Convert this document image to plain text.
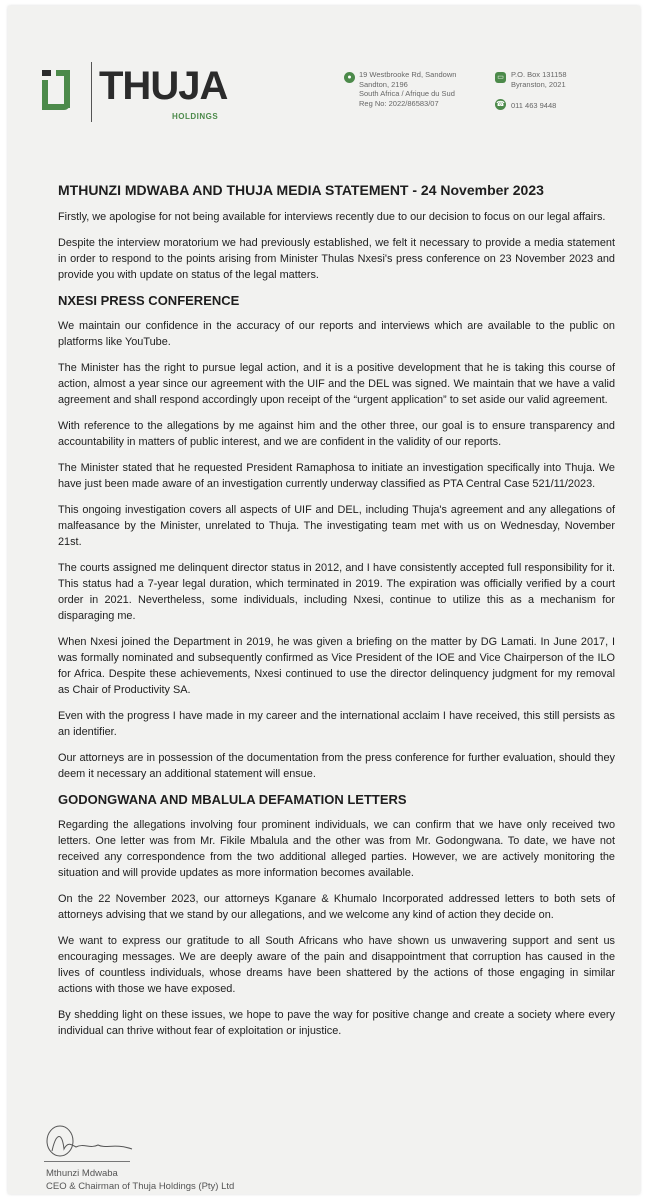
THUJA
HOLDINGS
● 19 Westbrooke Rd, Sandown
Sandton, 2196
South Africa / Afrique du Sud
Reg No: 2022/86583/07
▭ P.O. Box 131158
Byranston, 2021
☎ 011 463 9448
MTHUNZI MDWABA AND THUJA MEDIA STATEMENT - 24 November 2023

Firstly, we apologise for not being available for interviews recently due to our decision to focus on our legal affairs.

Despite the interview moratorium we had previously established, we felt it necessary to provide a media statement in order to respond to the points arising from Minister Thulas Nxesi's press conference on 23 November 2023 and provide you with update on status of the legal matters.

NXESI PRESS CONFERENCE

We maintain our confidence in the accuracy of our reports and interviews which are available to the public on platforms like YouTube.

The Minister has the right to pursue legal action, and it is a positive development that he is taking this course of action, almost a year since our agreement with the UIF and the DEL was signed. We maintain that we have a valid agreement and shall respond accordingly upon receipt of the “urgent application” to set aside our valid agreement.

With reference to the allegations by me against him and the other three, our goal is to ensure transparency and accountability in matters of public interest, and we are confident in the validity of our reports.

The Minister stated that he requested President Ramaphosa to initiate an investigation specifically into Thuja. We have just been made aware of an investigation currently underway classified as PTA Central Case 521/11/2023.

This ongoing investigation covers all aspects of UIF and DEL, including Thuja's agreement and any allegations of malfeasance by the Minister, unrelated to Thuja. The investigating team met with us on Wednesday, November 21st.

The courts assigned me delinquent director status in 2012, and I have consistently accepted full responsibility for it. This status had a 7-year legal duration, which terminated in 2019. The expiration was officially verified by a court order in 2021. Nevertheless, some individuals, including Nxesi, continue to utilize this as a mechanism for disparaging me.

When Nxesi joined the Department in 2019, he was given a briefing on the matter by DG Lamati. In June 2017, I was formally nominated and subsequently confirmed as Vice President of the IOE and Vice Chairperson of the ILO for Africa. Despite these achievements, Nxesi continued to use the director delinquency judgment for my removal as Chair of Productivity SA.

Even with the progress I have made in my career and the international acclaim I have received, this still persists as an identifier.

Our attorneys are in possession of the documentation from the press conference for further evaluation, should they deem it necessary an additional statement will ensue.

GODONGWANA AND MBALULA DEFAMATION LETTERS

Regarding the allegations involving four prominent individuals, we can confirm that we have only received two letters. One letter was from Mr. Fikile Mbalula and the other was from Mr. Godongwana. To date, we have not received any correspondence from the two additional alleged parties. However, we are actively monitoring the situation and will provide updates as more information becomes available.

On the 22 November 2023, our attorneys Kganare & Khumalo Incorporated addressed letters to both sets of attorneys advising that we stand by our allegations, and we welcome any kind of action they decide on.

We want to express our gratitude to all South Africans who have shown us unwavering support and sent us encouraging messages. We are deeply aware of the pain and disappointment that corruption has caused in the lives of countless individuals, whose dreams have been shattered by the actions of those engaging in similar actions with those we have exposed.

By shedding light on these issues, we hope to pave the way for positive change and create a society where every individual can thrive without fear of exploitation or injustice.

Mthunzi Mdwaba
CEO & Chairman of Thuja Holdings (Pty) Ltd
